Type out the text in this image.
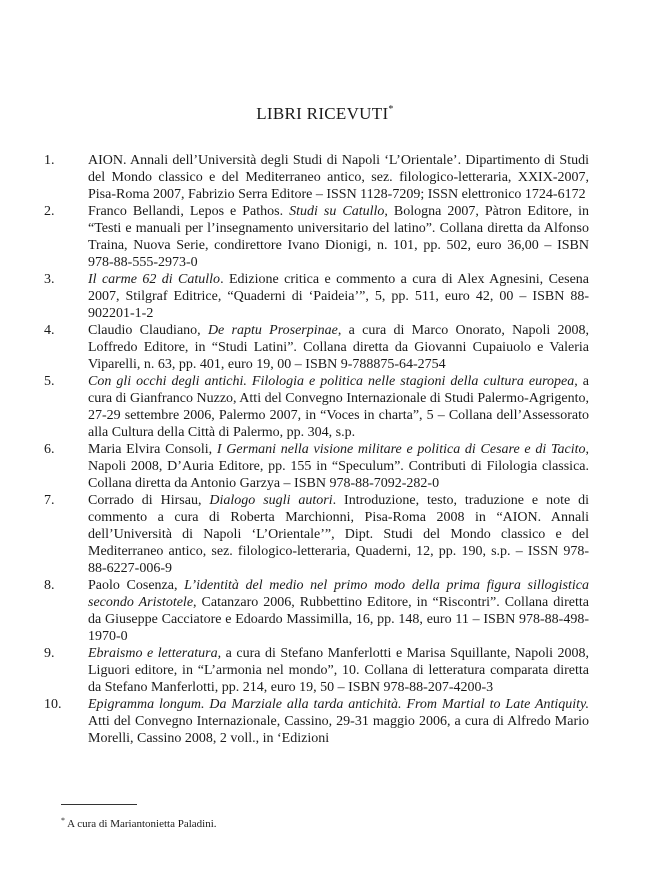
LIBRI RICEVUTI*
1. AION. Annali dell’Università degli Studi di Napoli ‘L’Orientale’. Dipartimento di Studi del Mondo classico e del Mediterraneo antico, sez. filologico-letteraria, XXIX-2007, Pisa-Roma 2007, Fabrizio Serra Editore – ISSN 1128-7209; ISSN elettronico 1724-6172
2. Franco Bellandi, Lepos e Pathos. Studi su Catullo, Bologna 2007, Pàtron Editore, in “Testi e manuali per l’insegnamento universitario del latino”. Collana diretta da Alfonso Traina, Nuova Serie, condirettore Ivano Dionigi, n. 101, pp. 502, euro 36,00 – ISBN 978-88-555-2973-0
3. Il carme 62 di Catullo. Edizione critica e commento a cura di Alex Agnesini, Cesena 2007, Stilgraf Editrice, “Quaderni di ‘Paideia’”, 5, pp. 511, euro 42, 00 – ISBN 88-902201-1-2
4. Claudio Claudiano, De raptu Proserpinae, a cura di Marco Onorato, Napoli 2008, Loffredo Editore, in “Studi Latini”. Collana diretta da Giovanni Cupaiuolo e Valeria Viparelli, n. 63, pp. 401, euro 19, 00 – ISBN 9-788875-64-2754
5. Con gli occhi degli antichi. Filologia e politica nelle stagioni della cultura europea, a cura di Gianfranco Nuzzo, Atti del Convegno Internazionale di Studi Palermo-Agrigento, 27-29 settembre 2006, Palermo 2007, in “Voces in charta”, 5 – Collana dell’Assessorato alla Cultura della Città di Palermo, pp. 304, s.p.
6. Maria Elvira Consoli, I Germani nella visione militare e politica di Cesare e di Tacito, Napoli 2008, D’Auria Editore, pp. 155 in “Speculum”. Contributi di Filologia classica. Collana diretta da Antonio Garzya – ISBN 978-88-7092-282-0
7. Corrado di Hirsau, Dialogo sugli autori. Introduzione, testo, traduzione e note di commento a cura di Roberta Marchionni, Pisa-Roma 2008 in “AION. Annali dell’Università di Napoli ‘L’Orientale’”, Dipt. Studi del Mondo classico e del Mediterraneo antico, sez. filologico-letteraria, Quaderni, 12, pp. 190, s.p. – ISSN 978-88-6227-006-9
8. Paolo Cosenza, L’identità del medio nel primo modo della prima figura sillogistica secondo Aristotele, Catanzaro 2006, Rubbettino Editore, in “Riscontri”. Collana diretta da Giuseppe Cacciatore e Edoardo Massimilla, 16, pp. 148, euro 11 – ISBN 978-88-498-1970-0
9. Ebraismo e letteratura, a cura di Stefano Manferlotti e Marisa Squillante, Napoli 2008, Liguori editore, in “L’armonia nel mondo”, 10. Collana di letteratura comparata diretta da Stefano Manferlotti, pp. 214, euro 19, 50 – ISBN 978-88-207-4200-3
10. Epigramma longum. Da Marziale alla tarda antichità. From Martial to Late Antiquity. Atti del Convegno Internazionale, Cassino, 29-31 maggio 2006, a cura di Alfredo Mario Morelli, Cassino 2008, 2 voll., in ‘Edizioni
* A cura di Mariantonietta Paladini.
